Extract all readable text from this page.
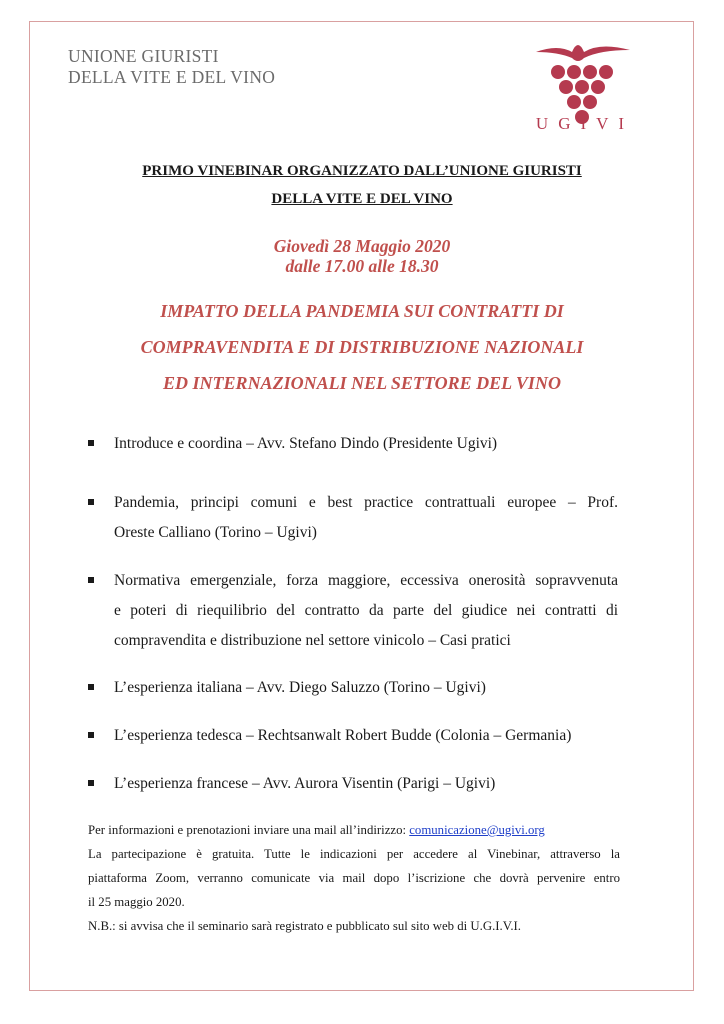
UNIONE GIURISTI
DELLA VITE E DEL VINO
UGIVI
PRIMO VINEBINAR ORGANIZZATO DALL’UNIONE GIURISTI
DELLA VITE E DEL VINO
Giovedì 28 Maggio 2020
dalle 17.00 alle 18.30
IMPATTO DELLA PANDEMIA SUI CONTRATTI DI
COMPRAVENDITA E DI DISTRIBUZIONE NAZIONALI
ED INTERNAZIONALI NEL SETTORE DEL VINO
Introduce e coordina – Avv. Stefano Dindo (Presidente Ugivi)
Pandemia, principi comuni e best practice contrattuali europee – Prof.
Oreste Calliano (Torino – Ugivi)
Normativa emergenziale, forza maggiore, eccessiva onerosità sopravvenuta
e poteri di riequilibrio del contratto da parte del giudice nei contratti di
compravendita e distribuzione nel settore vinicolo – Casi pratici
L’esperienza italiana – Avv. Diego Saluzzo (Torino – Ugivi)
L’esperienza tedesca – Rechtsanwalt Robert Budde (Colonia – Germania)
L’esperienza francese – Avv. Aurora Visentin (Parigi – Ugivi)
Per informazioni e prenotazioni inviare una mail all’indirizzo: comunicazione@ugivi.org
La partecipazione è gratuita. Tutte le indicazioni per accedere al Vinebinar, attraverso la
piattaforma Zoom, verranno comunicate via mail dopo l’iscrizione che dovrà pervenire entro
il 25 maggio 2020.
N.B.: si avvisa che il seminario sarà registrato e pubblicato sul sito web di U.G.I.V.I.
